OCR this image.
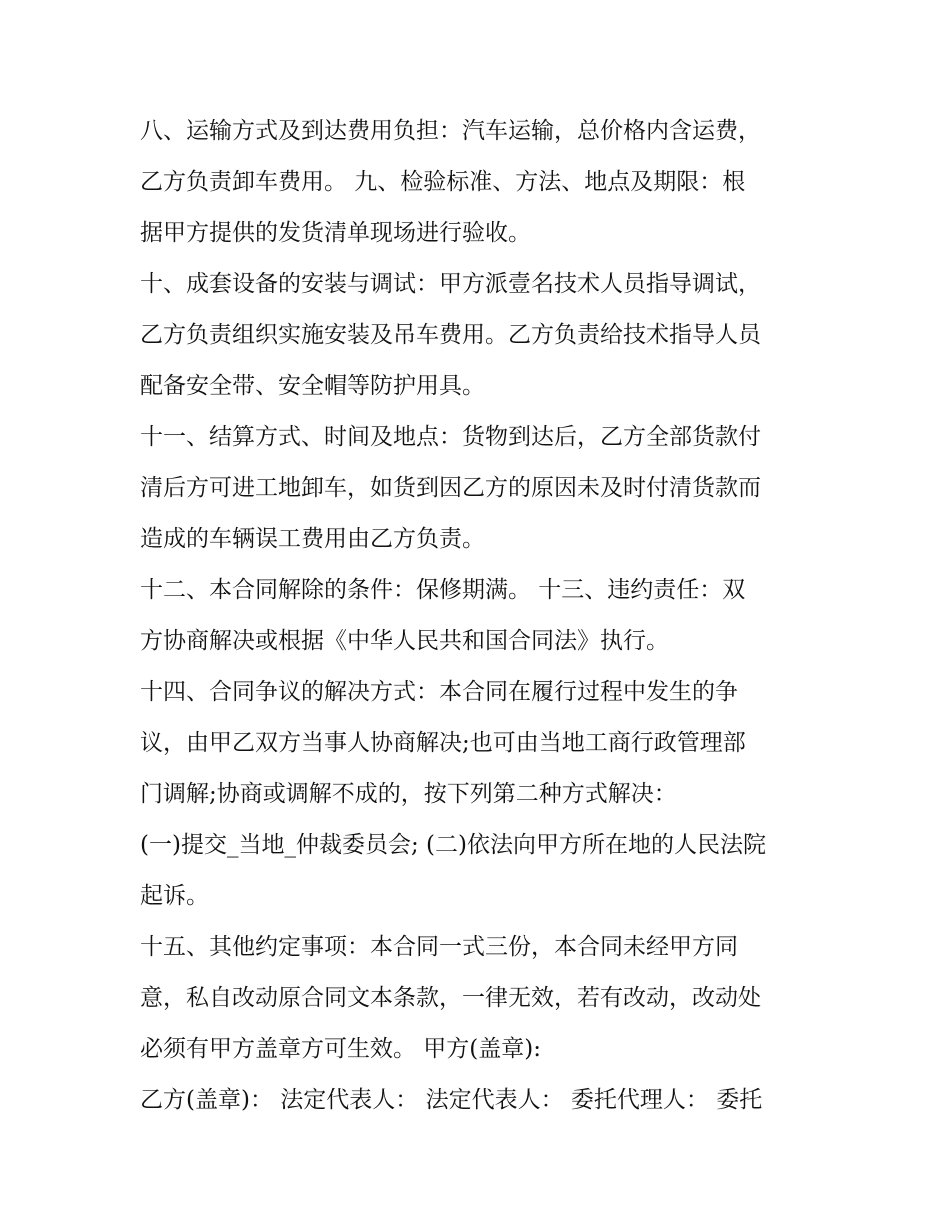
八、运输方式及到达费用负担：汽车运输，总价格内含运费，
乙方负责卸车费用。 九、检验标准、方法、地点及期限：根
据甲方提供的发货清单现场进行验收。
十、成套设备的安装与调试：甲方派壹名技术人员指导调试，
乙方负责组织实施安装及吊车费用。乙方负责给技术指导人员
配备安全带、安全帽等防护用具。
十一、结算方式、时间及地点：货物到达后，乙方全部货款付
清后方可进工地卸车，如货到因乙方的原因未及时付清货款而
造成的车辆误工费用由乙方负责。
十二、本合同解除的条件：保修期满。 十三、违约责任：双
方协商解决或根据《中华人民共和国合同法》执行。
十四、合同争议的解决方式：本合同在履行过程中发生的争
议，由甲乙双方当事人协商解决;也可由当地工商行政管理部
门调解;协商或调解不成的，按下列第二种方式解决：
(一)提交_当地_仲裁委员会; (二)依法向甲方所在地的人民法院
起诉。
十五、其他约定事项：本合同一式三份，本合同未经甲方同
意，私自改动原合同文本条款，一律无效，若有改动，改动处
必须有甲方盖章方可生效。 甲方(盖章):
乙方(盖章)： 法定代表人： 法定代表人： 委托代理人： 委托
